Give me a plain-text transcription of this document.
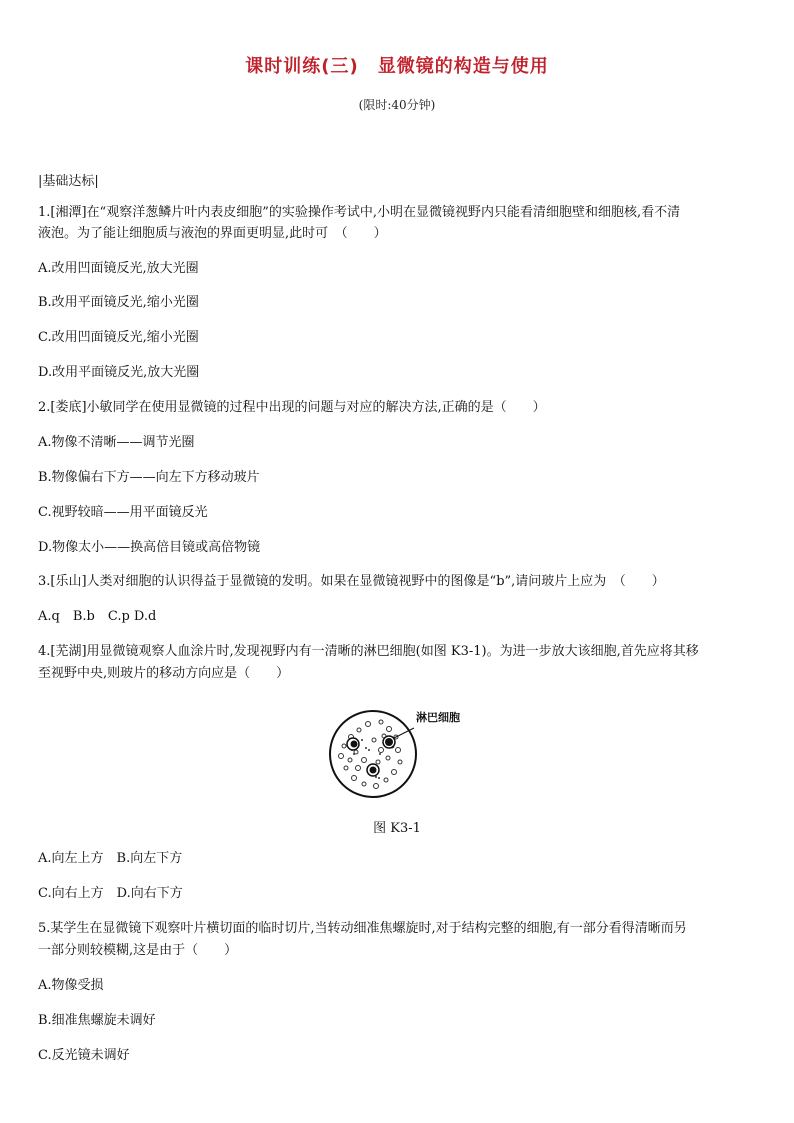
课时训练(三)　显微镜的构造与使用
(限时:40分钟)
|基础达标|
1.[湘潭]在“观察洋葱鳞片叶内表皮细胞”的实验操作考试中,小明在显微镜视野内只能看清细胞壁和细胞核,看不清
液泡。为了能让细胞质与液泡的界面更明显,此时可　（　　）
A.改用凹面镜反光,放大光圈
B.改用平面镜反光,缩小光圈
C.改用凹面镜反光,缩小光圈
D.改用平面镜反光,放大光圈
2.[娄底]小敏同学在使用显微镜的过程中出现的问题与对应的解决方法,正确的是（　　）
A.物像不清晰——调节光圈
B.物像偏右下方——向左下方移动玻片
C.视野较暗——用平面镜反光
D.物像太小——换高倍目镜或高倍物镜
3.[乐山]人类对细胞的认识得益于显微镜的发明。如果在显微镜视野中的图像是“b”,请问玻片上应为　（　　）
A.q　B.b　C.p D.d
4.[芜湖]用显微镜观察人血涂片时,发现视野内有一清晰的淋巴细胞(如图 K3-1)。为进一步放大该细胞,首先应将其移
至视野中央,则玻片的移动方向应是（　　）
淋巴细胞
图 K3-1
A.向左上方　B.向左下方
C.向右上方　D.向右下方
5.某学生在显微镜下观察叶片横切面的临时切片,当转动细准焦螺旋时,对于结构完整的细胞,有一部分看得清晰而另
一部分则较模糊,这是由于（　　）
A.物像受损
B.细准焦螺旋未调好
C.反光镜未调好
